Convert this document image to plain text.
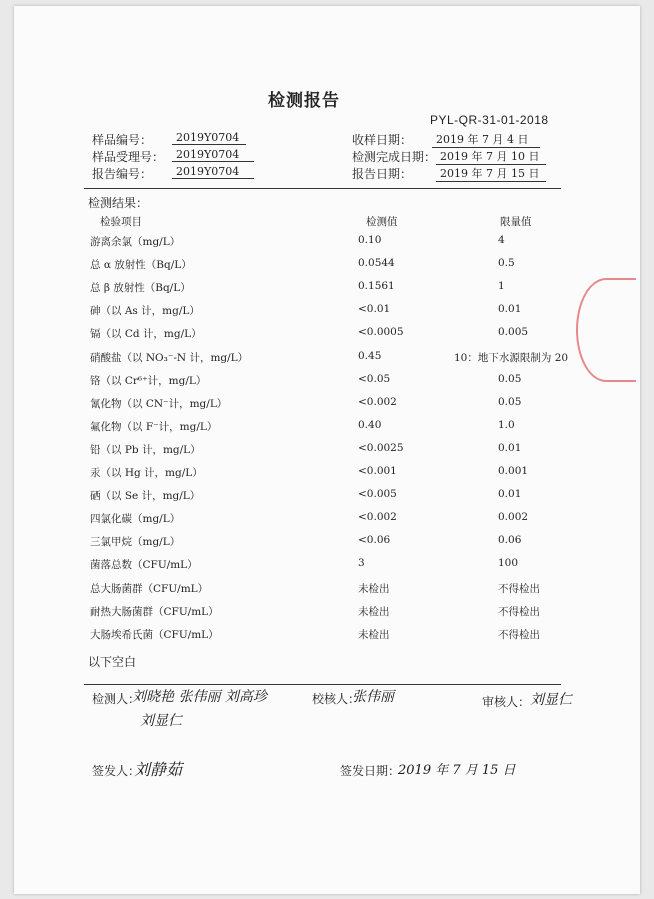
检测报告
PYL-QR-31-01-2018
样品编号：	2019Y0704
样品受理号：	2019Y0704
报告编号：	2019Y0704
收样日期：	2019 年 7 月 4 日
检测完成日期： 2019 年 7 月 10 日
报告日期：	2019 年 7 月 15 日
检测结果：
检验项目	检测值	限量值
游离余氯（mg/L）	0.10	4
总 α 放射性（Bq/L）	0.0544	0.5
总 β 放射性（Bq/L）	0.1561	1
砷（以 As 计，mg/L）	<0.01	0.01
镉（以 Cd 计，mg/L）	<0.0005	0.005
硝酸盐（以 NO₃⁻-N 计，mg/L）	0.45	10：地下水源限制为 20
铬（以 Cr⁶⁺计，mg/L）	<0.05	0.05
氰化物（以 CN⁻计，mg/L）	<0.002	0.05
氟化物（以 F⁻计，mg/L）	0.40	1.0
铅（以 Pb 计，mg/L）	<0.0025	0.01
汞（以 Hg 计，mg/L）	<0.001	0.001
硒（以 Se 计，mg/L）	<0.005	0.01
四氯化碳（mg/L）	<0.002	0.002
三氯甲烷（mg/L）	<0.06	0.06
菌落总数（CFU/mL）	3	100
总大肠菌群（CFU/mL）	未检出	不得检出
耐热大肠菌群（CFU/mL）	未检出	不得检出
大肠埃希氏菌（CFU/mL）	未检出	不得检出
以下空白
检测人：
刘晓艳 张伟丽 刘高珍
刘显仁
校核人：
张伟丽	审核人： 刘显仁
签发人：
刘静茹	签发日期：
2019 年 7 月 15 日
